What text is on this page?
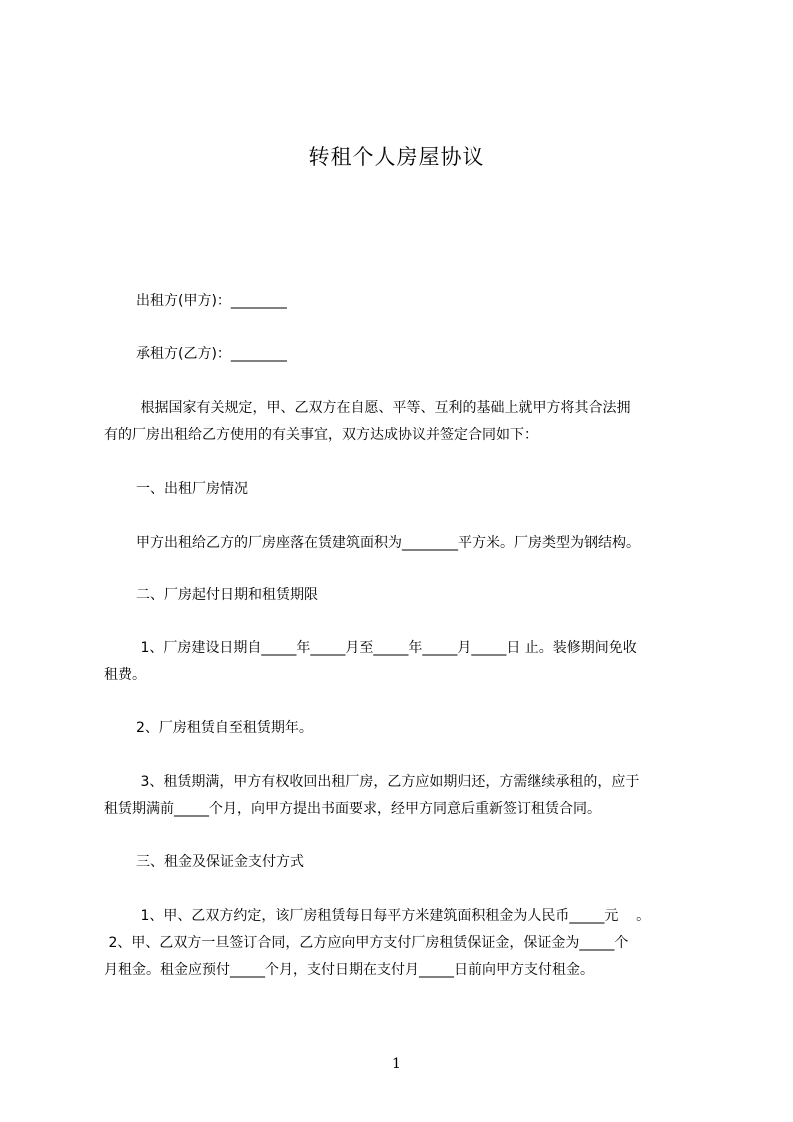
转租个人房屋协议
出租方(甲方)：________
承租方(乙方)：________
根据国家有关规定，甲、乙双方在自愿、平等、互利的基础上就甲方将其合法拥
有的厂房出租给乙方使用的有关事宜，双方达成协议并签定合同如下：
一、出租厂房情况
甲方出租给乙方的厂房座落在赁建筑面积为________平方米。厂房类型为钢结构。
二、厂房起付日期和租赁期限
1、厂房建设日期自_____年_____月至_____年_____月_____日 止。装修期间免收
租费。
2、厂房租赁自至租赁期年。
3、租赁期满，甲方有权收回出租厂房，乙方应如期归还，方需继续承租的，应于
租赁期满前_____个月，向甲方提出书面要求，经甲方同意后重新签订租赁合同。
三、租金及保证金支付方式
1、甲、乙双方约定，该厂房租赁每日每平方米建筑面积租金为人民币_____元    。
2、甲、乙双方一旦签订合同，乙方应向甲方支付厂房租赁保证金，保证金为_____个
月租金。租金应预付_____个月，支付日期在支付月_____日前向甲方支付租金。
1
